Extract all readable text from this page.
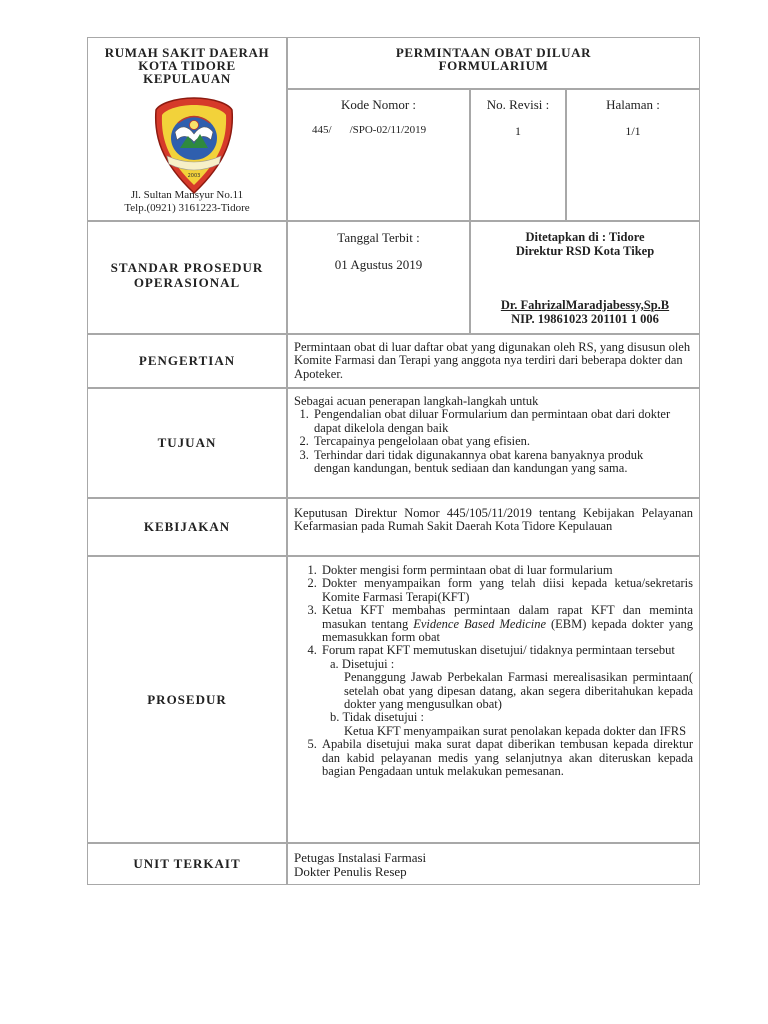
RUMAH SAKIT DAERAH
KOTA TIDORE
KEPULAUAN
2003
Jl. Sultan Mansyur No.11
Telp.(0921) 3161223-Tidore
PERMINTAAN OBAT DILUAR
FORMULARIUM
Kode Nomor :
445/ /SPO-02/11/2019
No. Revisi :
1
Halaman :
1/1
STANDAR PROSEDUR
OPERASIONAL
Tanggal Terbit :
01 Agustus 2019
Ditetapkan di : Tidore
Direktur RSD Kota Tikep
Dr. FahrizalMaradjabessy,Sp.B
NIP. 19861023 201101 1 006
PENGERTIAN
Permintaan obat di luar daftar obat yang digunakan oleh RS, yang disusun oleh Komite Farmasi dan Terapi yang anggota nya terdiri dari beberapa dokter dan Apoteker.
TUJUAN
Sebagai acuan penerapan langkah-langkah untuk
1. Pengendalian obat diluar Formularium dan permintaan obat dari dokter dapat dikelola dengan baik
2. Tercapainya pengelolaan obat yang efisien.
3. Terhindar dari tidak digunakannya obat karena banyaknya produk dengan kandungan, bentuk sediaan dan kandungan yang sama.
KEBIJAKAN
Keputusan Direktur Nomor 445/105/11/2019 tentang Kebijakan Pelayanan Kefarmasian pada Rumah Sakit Daerah Kota Tidore Kepulauan
PROSEDUR
1. Dokter mengisi form permintaan obat di luar formularium
2. Dokter menyampaikan form yang telah diisi kepada ketua/sekretaris Komite Farmasi Terapi(KFT)
3. Ketua KFT membahas permintaan dalam rapat KFT dan meminta masukan tentang Evidence Based Medicine (EBM) kepada dokter yang memasukkan form obat
4. Forum rapat KFT memutuskan disetujui/ tidaknya permintaan tersebut
a. Disetujui :
Penanggung Jawab Perbekalan Farmasi merealisasikan permintaan( setelah obat yang dipesan datang, akan segera diberitahukan kepada dokter yang mengusulkan obat)
b. Tidak disetujui :
Ketua KFT menyampaikan surat penolakan kepada dokter dan IFRS
5. Apabila disetujui maka surat dapat diberikan tembusan kepada direktur dan kabid pelayanan medis yang selanjutnya akan diteruskan kepada bagian Pengadaan untuk melakukan pemesanan.
UNIT TERKAIT	Petugas Instalasi Farmasi
Dokter Penulis Resep
